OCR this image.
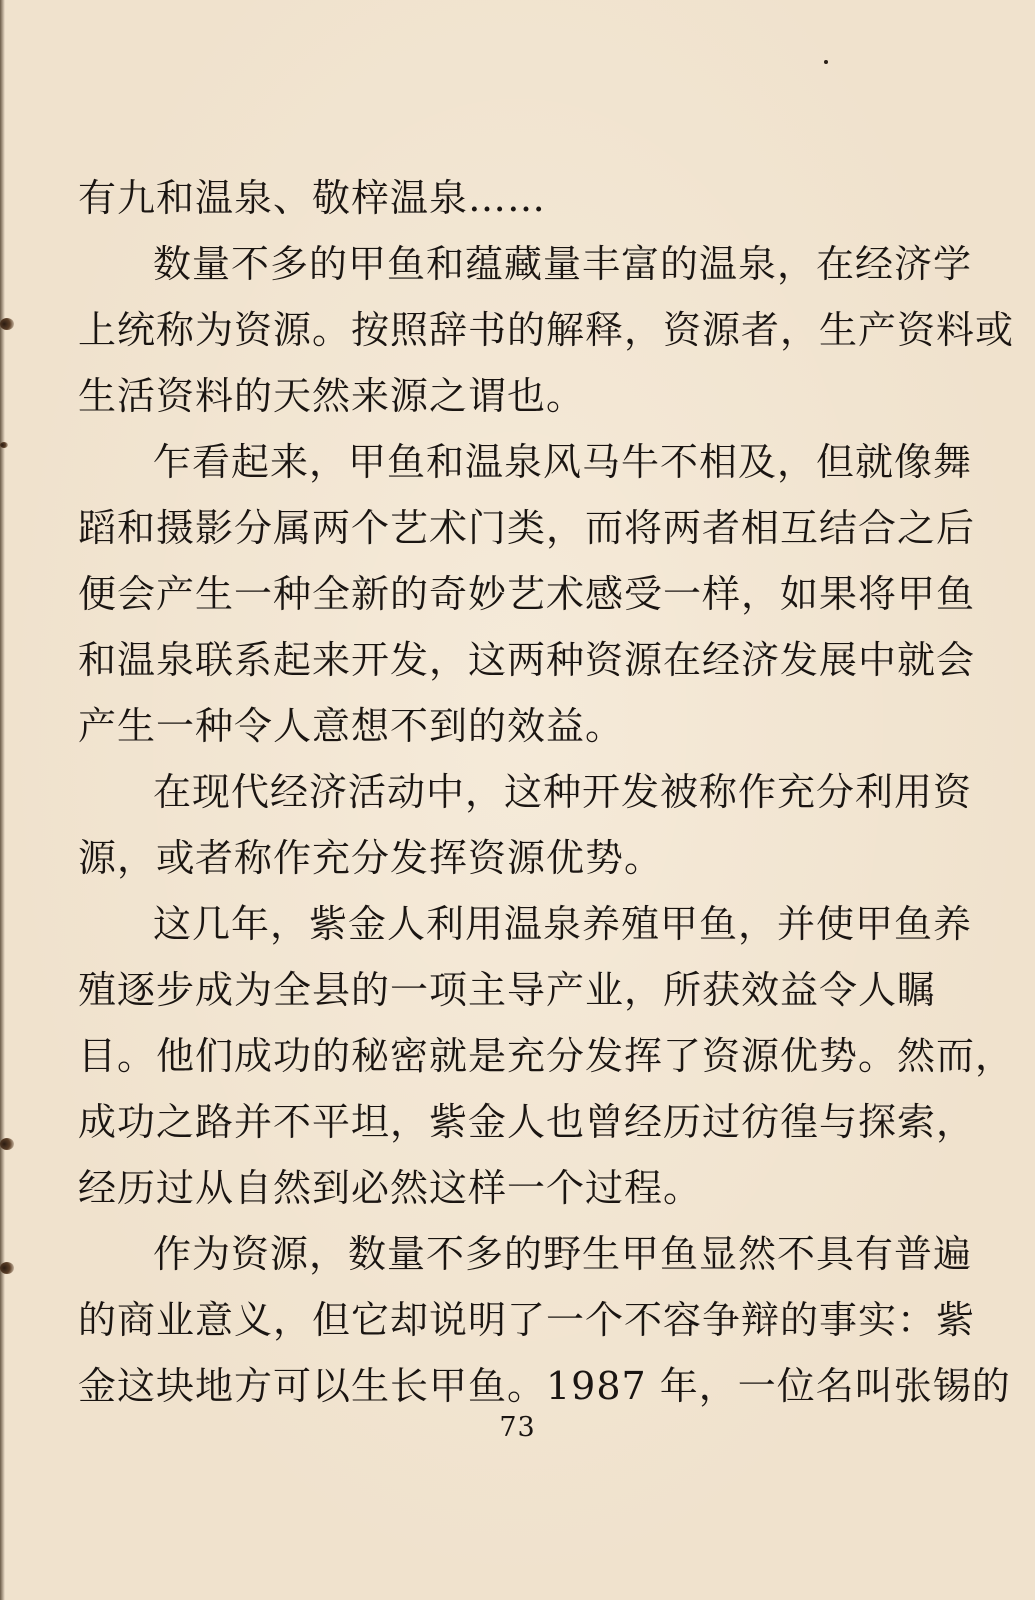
有九和温泉、敬梓温泉……
数量不多的甲鱼和蕴藏量丰富的温泉，在经济学
上统称为资源。按照辞书的解释，资源者，生产资料或
生活资料的天然来源之谓也。
乍看起来，甲鱼和温泉风马牛不相及，但就像舞
蹈和摄影分属两个艺术门类，而将两者相互结合之后
便会产生一种全新的奇妙艺术感受一样，如果将甲鱼
和温泉联系起来开发，这两种资源在经济发展中就会
产生一种令人意想不到的效益。
在现代经济活动中，这种开发被称作充分利用资
源，或者称作充分发挥资源优势。
这几年，紫金人利用温泉养殖甲鱼，并使甲鱼养
殖逐步成为全县的一项主导产业，所获效益令人瞩
目。他们成功的秘密就是充分发挥了资源优势。然而，
成功之路并不平坦，紫金人也曾经历过彷徨与探索，
经历过从自然到必然这样一个过程。
作为资源，数量不多的野生甲鱼显然不具有普遍
的商业意义，但它却说明了一个不容争辩的事实：紫
金这块地方可以生长甲鱼。1987 年，一位名叫张锡的
73
